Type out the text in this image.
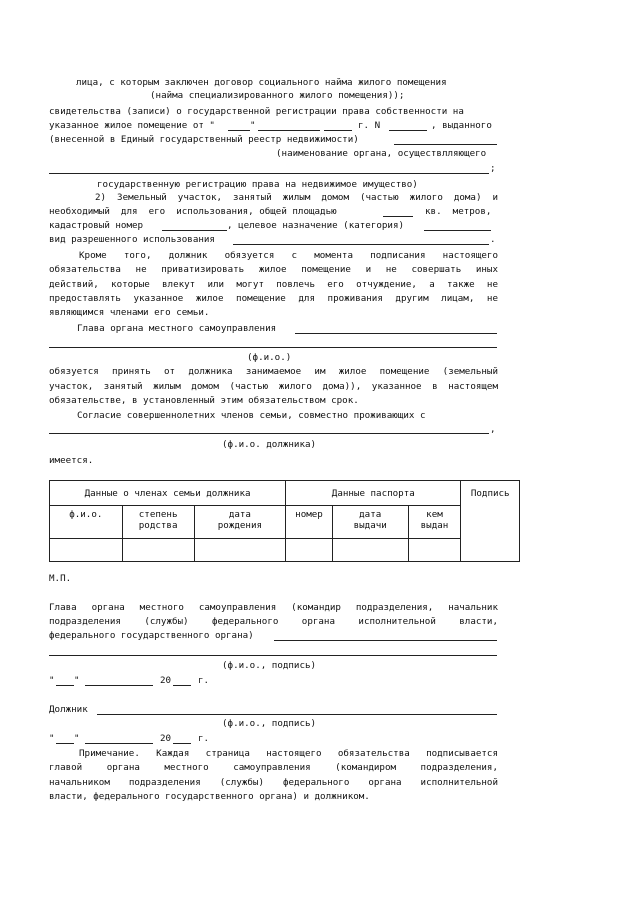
лица, с которым заключен договор социального найма жилого помещения
(найма специализированного жилого помещения));
свидетельства (записи) о государственной регистрации права собственности на
указанное жилое помещение от "	"	г. N	, выданного
(внесенной в Единый государственный реестр недвижимости)
(наименование органа, осуществлляющего
;
государственную регистрацию права на недвижимое имущество)
2) Земельный участок, занятый жилым домом (частью жилого дома) и
необходимый  для  его  использования, общей площадью	кв.  метров,
кадастровый номер	, целевое назначение (категория)
вид разрешенного использования	.
Кроме того, должник обязуется с момента подписания настоящего
обязательства не приватизировать жилое помещение и не совершать иных
действий, которые влекут или могут повлечь его отчуждение, а также не
предоставлять указанное жилое помещение для проживания другим лицам, не
являющимся членами его семьи.
Глава органа местного самоуправления
(ф.и.о.)
обязуется принять от должника занимаемое им жилое помещение (земельный
участок, занятый жилым домом (частью жилого дома)), указанное в настоящем
обязательстве, в установленный этим обязательством срок.
Согласие совершеннолетних членов семьи, совместно проживающих с
,
(ф.и.о. должника)
имеется.
Данные о членах семьи должника			Данные паспорта			Подпись
ф.и.о.	степень родства	дата рождения	номер	дата выдачи	кем выдан	

М.П.
Глава органа местного самоуправления (командир подразделения, начальник
подразделения (службы) федерального органа исполнительной власти,
федерального государственного органа)
(ф.и.о., подпись)
" "	20	г.
Должник
(ф.и.о., подпись)
" "	20	г.
Примечание. Каждая страница настоящего обязательства подписывается
главой органа местного самоуправления (командиром подразделения,
начальником подразделения (службы) федерального органа исполнительной
власти, федерального государственного органа) и должником.
